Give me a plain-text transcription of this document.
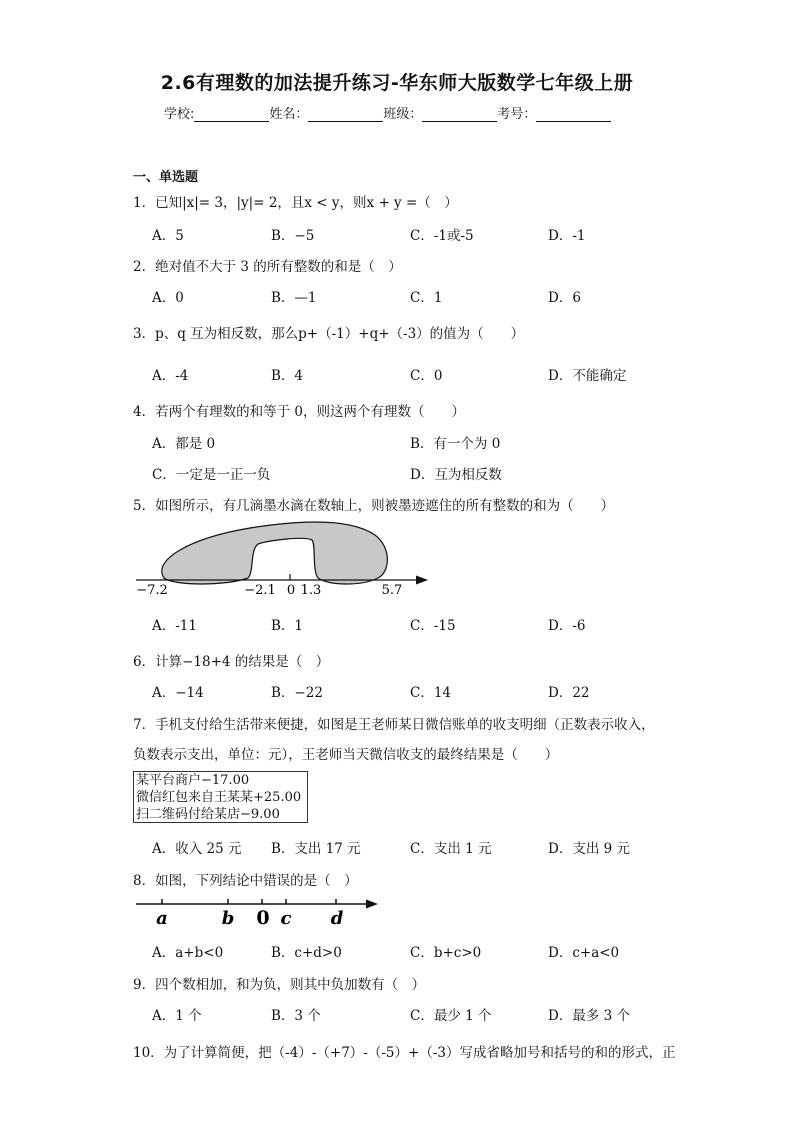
2.6有理数的加法提升练习-华东师大版数学七年级上册
学校:	姓名：	班级：	考号：
一、单选题
1．已知|x|= 3，|y|= 2，且x < y，则x + y =（　）
A．5	B．−5	C．-1或-5	D．-1
2．绝对值不大于 3 的所有整数的和是（　）
A．0	B．—1	C．1	D．6
3．p、q 互为相反数，那么p+（-1）+q+（-3）的值为（　　）
A．-4	B．4	C．0	D．不能确定
4．若两个有理数的和等于 0，则这两个有理数（　　）
A．都是 0	B．有一个为 0
C．一定是一正一负	D．互为相反数
5．如图所示，有几滴墨水滴在数轴上，则被墨迹遮住的所有整数的和为（　　）
−7.2	−2.1 0 1.3	5.7
A．-11	B．1	C．-15	D．-6
6．计算−18+4 的结果是（　）
A．−14	B．−22	C．14	D．22
7．手机支付给生活带来便捷，如图是王老师某日微信账单的收支明细（正数表示收入，
负数表示支出，单位：元），王老师当天微信收支的最终结果是（　　）
某平台商户−17.00
微信红包来自王某某+25.00
扫二维码付给某店−9.00
A．收入 25 元 B．支出 17 元	C．支出 1 元	D．支出 9 元
8．如图，下列结论中错误的是（　）
a	b 0 c d
A．a+b<0	B．c+d>0	C．b+c>0	D．c+a<0
9．四个数相加，和为负，则其中负加数有（　）
A．1 个	B．3 个	C．最少 1 个	D．最多 3 个
10．为了计算简便，把（-4）-（+7）-（-5）+（-3）写成省略加号和括号的和的形式，正
